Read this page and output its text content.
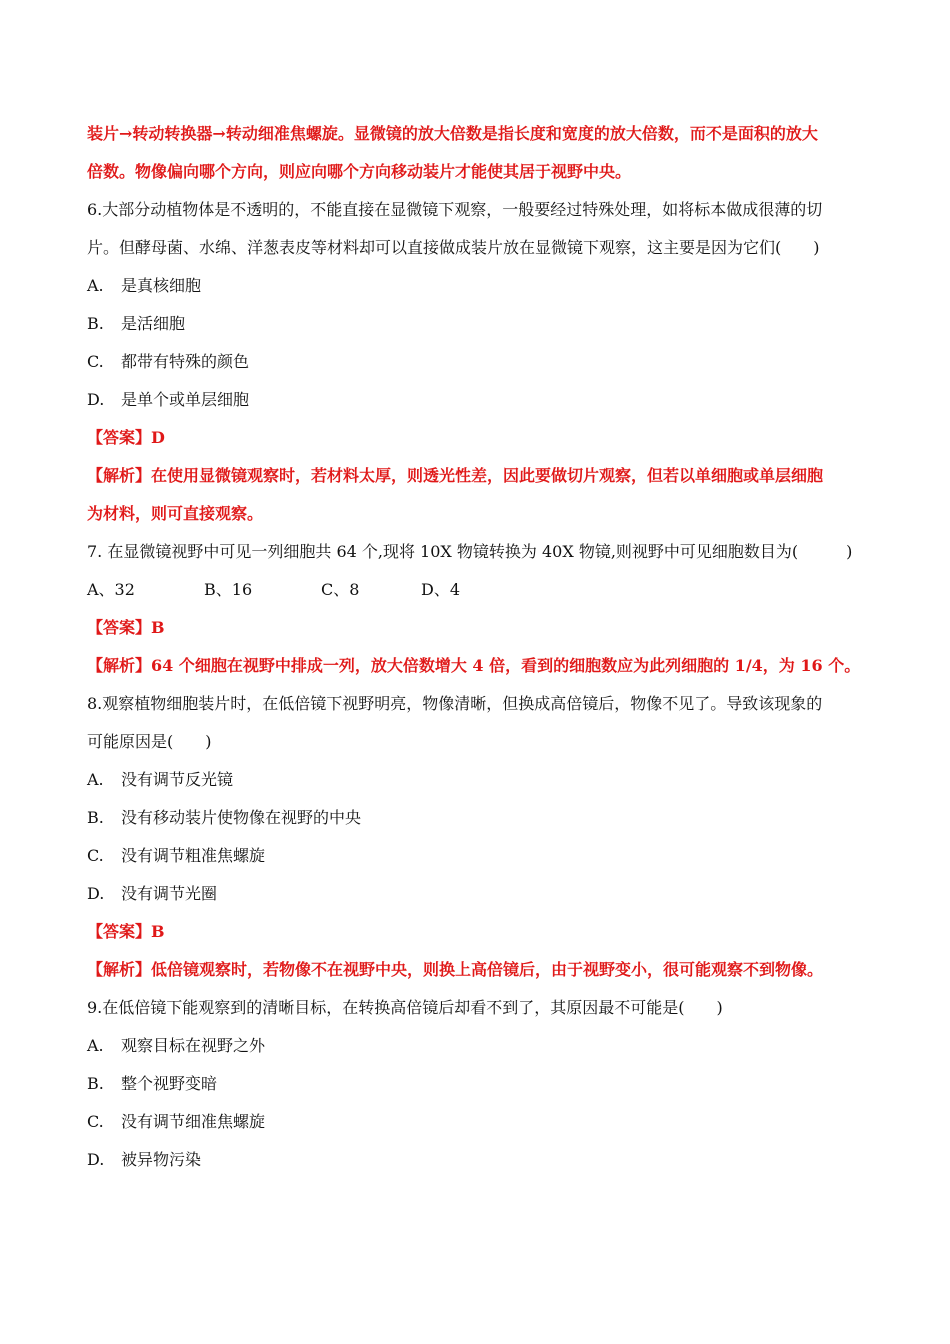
装片→转动转换器→转动细准焦螺旋。显微镜的放大倍数是指长度和宽度的放大倍数，而不是面积的放大

倍数。物像偏向哪个方向，则应向哪个方向移动装片才能使其居于视野中央。

6.大部分动植物体是不透明的，不能直接在显微镜下观察，一般要经过特殊处理，如将标本做成很薄的切

片。但酵母菌、水绵、洋葱表皮等材料却可以直接做成装片放在显微镜下观察，这主要是因为它们(　　)

A. 是真核细胞

B. 是活细胞

C. 都带有特殊的颜色

D. 是单个或单层细胞

【答案】D

【解析】在使用显微镜观察时，若材料太厚，则透光性差，因此要做切片观察，但若以单细胞或单层细胞

为材料，则可直接观察。

7. 在显微镜视野中可见一列细胞共 64 个,现将 10X 物镜转换为 40X 物镜,则视野中可见细胞数目为(　　　)

A、32	B、16	C、8	D、4

【答案】B

【解析】64 个细胞在视野中排成一列，放大倍数增大 4 倍，看到的细胞数应为此列细胞的 1/4，为 16 个。

8.观察植物细胞装片时，在低倍镜下视野明亮，物像清晰，但换成高倍镜后，物像不见了。导致该现象的

可能原因是(　　)

A. 没有调节反光镜

B. 没有移动装片使物像在视野的中央

C. 没有调节粗准焦螺旋

D. 没有调节光圈

【答案】B

【解析】低倍镜观察时，若物像不在视野中央，则换上高倍镜后，由于视野变小，很可能观察不到物像。

9.在低倍镜下能观察到的清晰目标，在转换高倍镜后却看不到了，其原因最不可能是(　　)

A. 观察目标在视野之外

B. 整个视野变暗

C. 没有调节细准焦螺旋

D. 被异物污染
